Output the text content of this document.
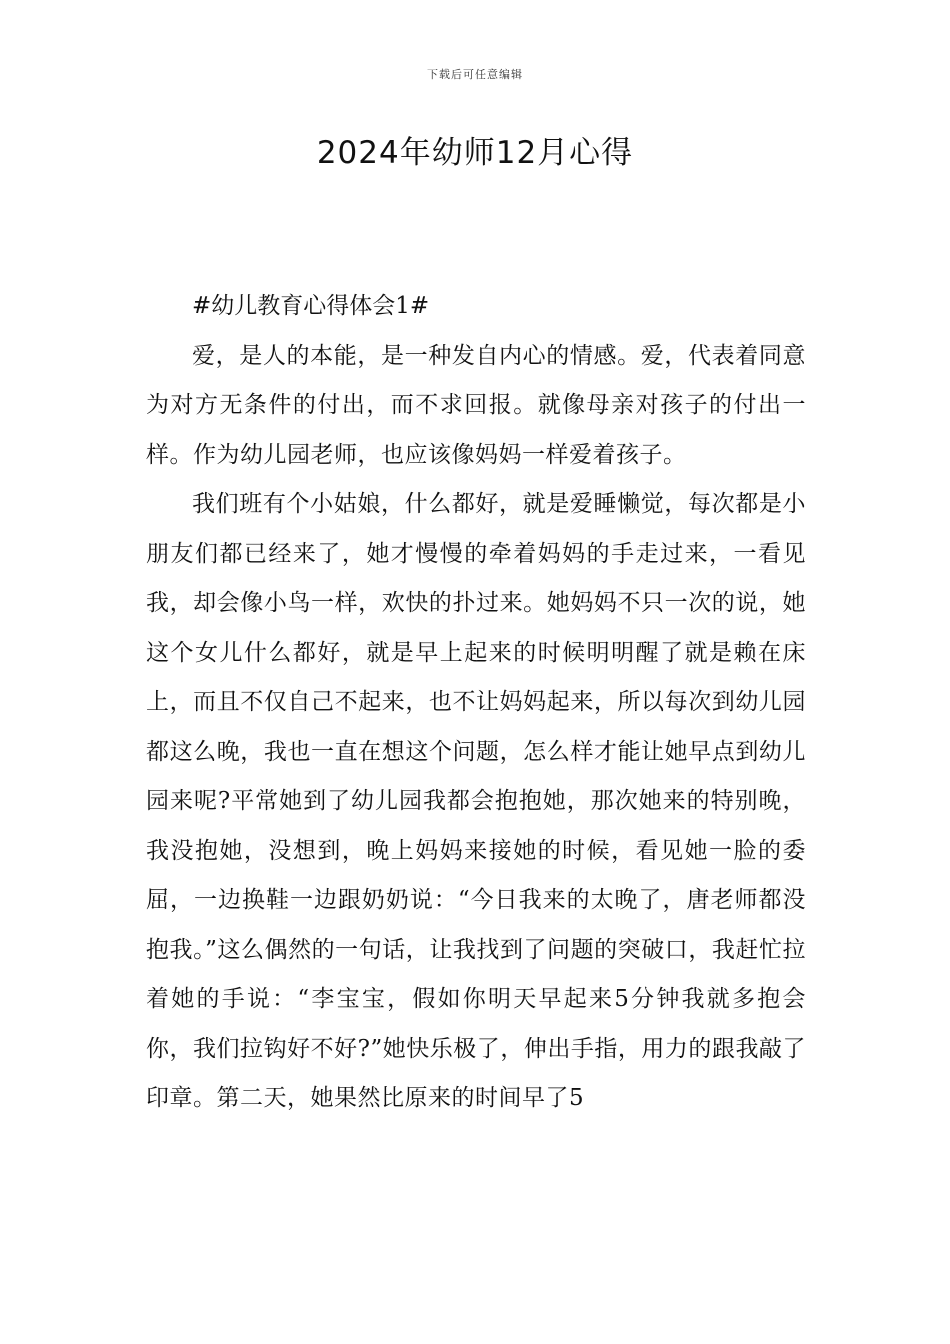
下载后可任意编辑
2024年幼师12月心得

#幼儿教育心得体会1#

爱，是人的本能，是一种发自内心的情感。爱，代表着同意为对方无条件的付出，而不求回报。就像母亲对孩子的付出一样。作为幼儿园老师，也应该像妈妈一样爱着孩子。

我们班有个小姑娘，什么都好，就是爱睡懒觉，每次都是小朋友们都已经来了，她才慢慢的牵着妈妈的手走过来，一看见我，却会像小鸟一样，欢快的扑过来。她妈妈不只一次的说，她这个女儿什么都好，就是早上起来的时候明明醒了就是赖在床上，而且不仅自己不起来，也不让妈妈起来，所以每次到幼儿园都这么晚，我也一直在想这个问题，怎么样才能让她早点到幼儿园来呢?平常她到了幼儿园我都会抱抱她，那次她来的特别晚，我没抱她，没想到，晚上妈妈来接她的时候，看见她一脸的委屈，一边换鞋一边跟奶奶说：“今日我来的太晚了，唐老师都没抱我。”这么偶然的一句话，让我找到了问题的突破口，我赶忙拉着她的手说：“李宝宝，假如你明天早起来5分钟我就多抱会你，我们拉钩好不好?”她快乐极了，伸出手指，用力的跟我敲了印章。第二天，她果然比原来的时间早了5
